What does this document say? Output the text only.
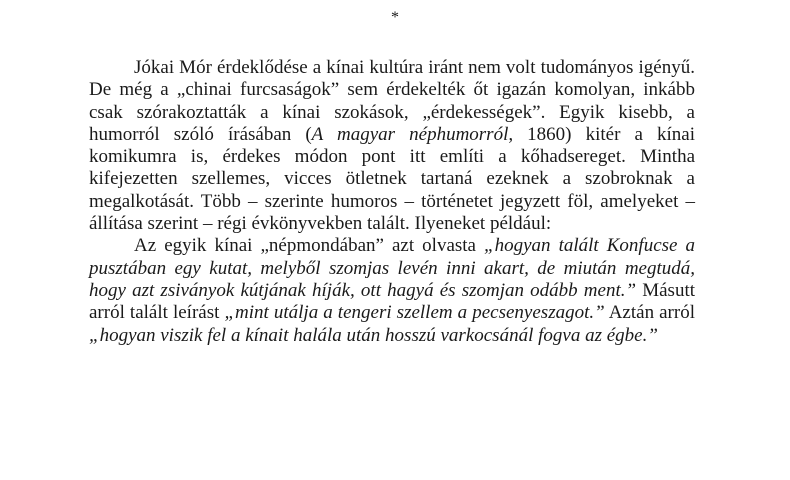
*

Jókai Mór érdeklődése a kínai kultúra iránt nem volt tudományos igényű. De még a „chinai furcsaságok” sem érdekelték őt igazán komolyan, inkább csak szórakoztatták a kínai szokások, „érdekességek”. Egyik kisebb, a humorról szóló írásában (A magyar néphumorról, 1860) kitér a kínai komikumra is, érdekes módon pont itt említi a kőhadsereget. Mintha kifejezetten szellemes, vicces ötletnek tartaná ezeknek a szobroknak a megalkotását. Több – szerinte humoros – történetet jegyzett föl, amelyeket – állítása szerint – régi évkönyvekben talált. Ilyeneket például:

Az egyik kínai „népmondában” azt olvasta „hogyan talált Konfucse a pusztában egy kutat, melyből szomjas levén inni akart, de miután megtudá, hogy azt zsiványok kútjának híják, ott hagyá és szomjan odább ment.” Másutt arról talált leírást „mint utálja a tengeri szellem a pecsenyeszagot.” Aztán arról „hogyan viszik fel a kínait halála után hosszú varkocsánál fogva az égbe.”
